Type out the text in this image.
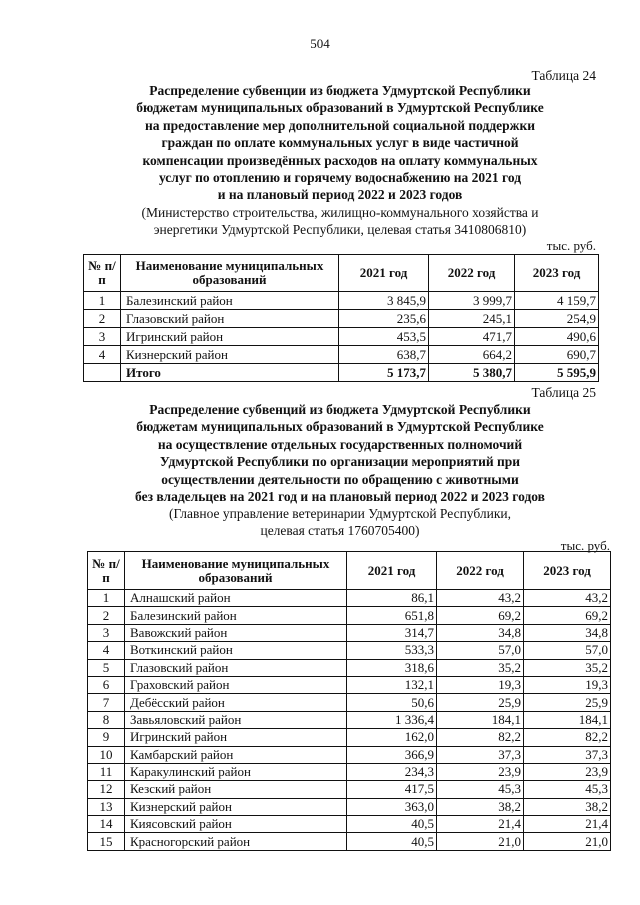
504
Таблица 24
Распределение субвенции из бюджета Удмуртской Республики
бюджетам муниципальных образований в Удмуртской Республике
на предоставление мер дополнительной социальной поддержки
граждан по оплате коммунальных услуг в виде частичной
компенсации произведённых расходов на оплату коммунальных
услуг по отоплению и горячему водоснабжению на 2021 год
и на плановый период 2022 и 2023 годов
(Министерство строительства, жилищно-коммунального хозяйства и
энергетики Удмуртской Республики, целевая статья 3410806810)
тыс. руб.
№ п/п	Наименование муниципальных образований	2021 год	2022 год	2023 год
1	Балезинский район	3 845,9	3 999,7	4 159,7
2	Глазовский район	235,6	245,1	254,9
3	Игринский район	453,5	471,7	490,6
4	Кизнерский район	638,7	664,2	690,7
	Итого	5 173,7	5 380,7	5 595,9
Таблица 25
Распределение субвенций из бюджета Удмуртской Республики
бюджетам муниципальных образований в Удмуртской Республике
на осуществление отдельных государственных полномочий
Удмуртской Республики по организации мероприятий при
осуществлении деятельности по обращению с животными
без владельцев на 2021 год и на плановый период 2022 и 2023 годов
(Главное управление ветеринарии Удмуртской Республики,
целевая статья 1760705400)
тыс. руб.
№ п/п	Наименование муниципальных образований	2021 год	2022 год	2023 год
1	Алнашский район	86,1	43,2	43,2
2	Балезинский район	651,8	69,2	69,2
3	Вавожский район	314,7	34,8	34,8
4	Воткинский район	533,3	57,0	57,0
5	Глазовский район	318,6	35,2	35,2
6	Граховский район	132,1	19,3	19,3
7	Дебёсский район	50,6	25,9	25,9
8	Завьяловский район	1 336,4	184,1	184,1
9	Игринский район	162,0	82,2	82,2
10	Камбарский район	366,9	37,3	37,3
11	Каракулинский район	234,3	23,9	23,9
12	Кезский район	417,5	45,3	45,3
13	Кизнерский район	363,0	38,2	38,2
14	Киясовский район	40,5	21,4	21,4
15	Красногорский район	40,5	21,0	21,0
